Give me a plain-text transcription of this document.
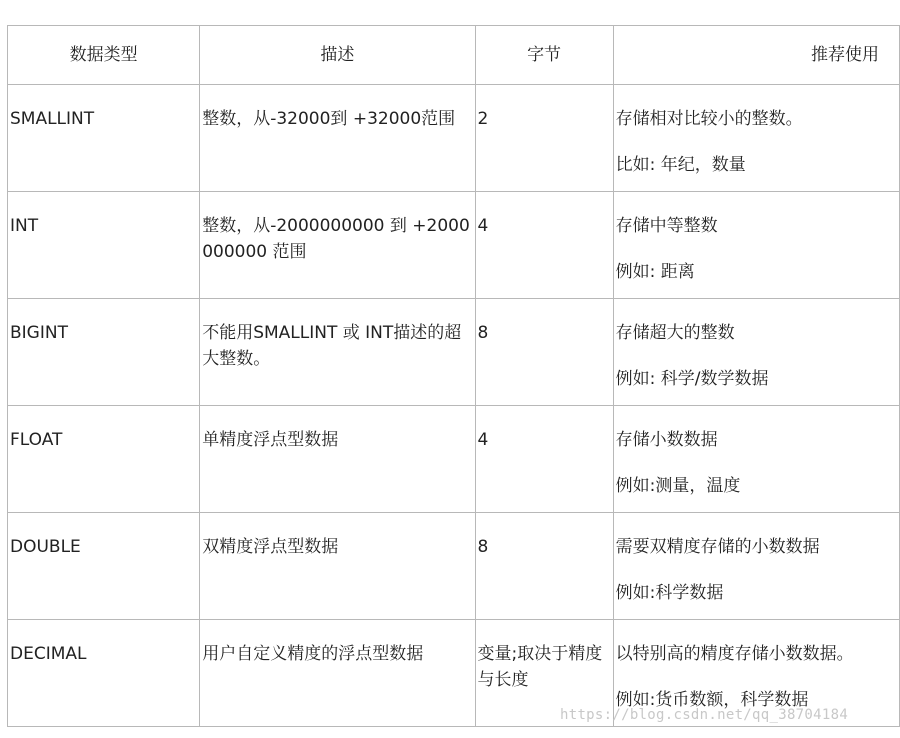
数据类型	描述	字节	推荐使用

SMALLINT	整数，从-32000到 +32000范围	2	存储相对比较小的整数。
比如: 年纪，数量

INT	整数，从-2000000000 到 +2000000000 范围	4	存储中等整数
例如: 距离

BIGINT	不能用SMALLINT 或 INT描述的超大整数。	8	存储超大的整数
例如: 科学/数学数据

FLOAT	单精度浮点型数据	4	存储小数数据
例如:测量，温度

DOUBLE	双精度浮点型数据	8	需要双精度存储的小数数据
例如:科学数据

DECIMAL	用户自定义精度的浮点型数据	变量;取决于精度与长度	以特别高的精度存储小数数据。
例如:货币数额，科学数据
https://blog.csdn.net/qq_38704184
